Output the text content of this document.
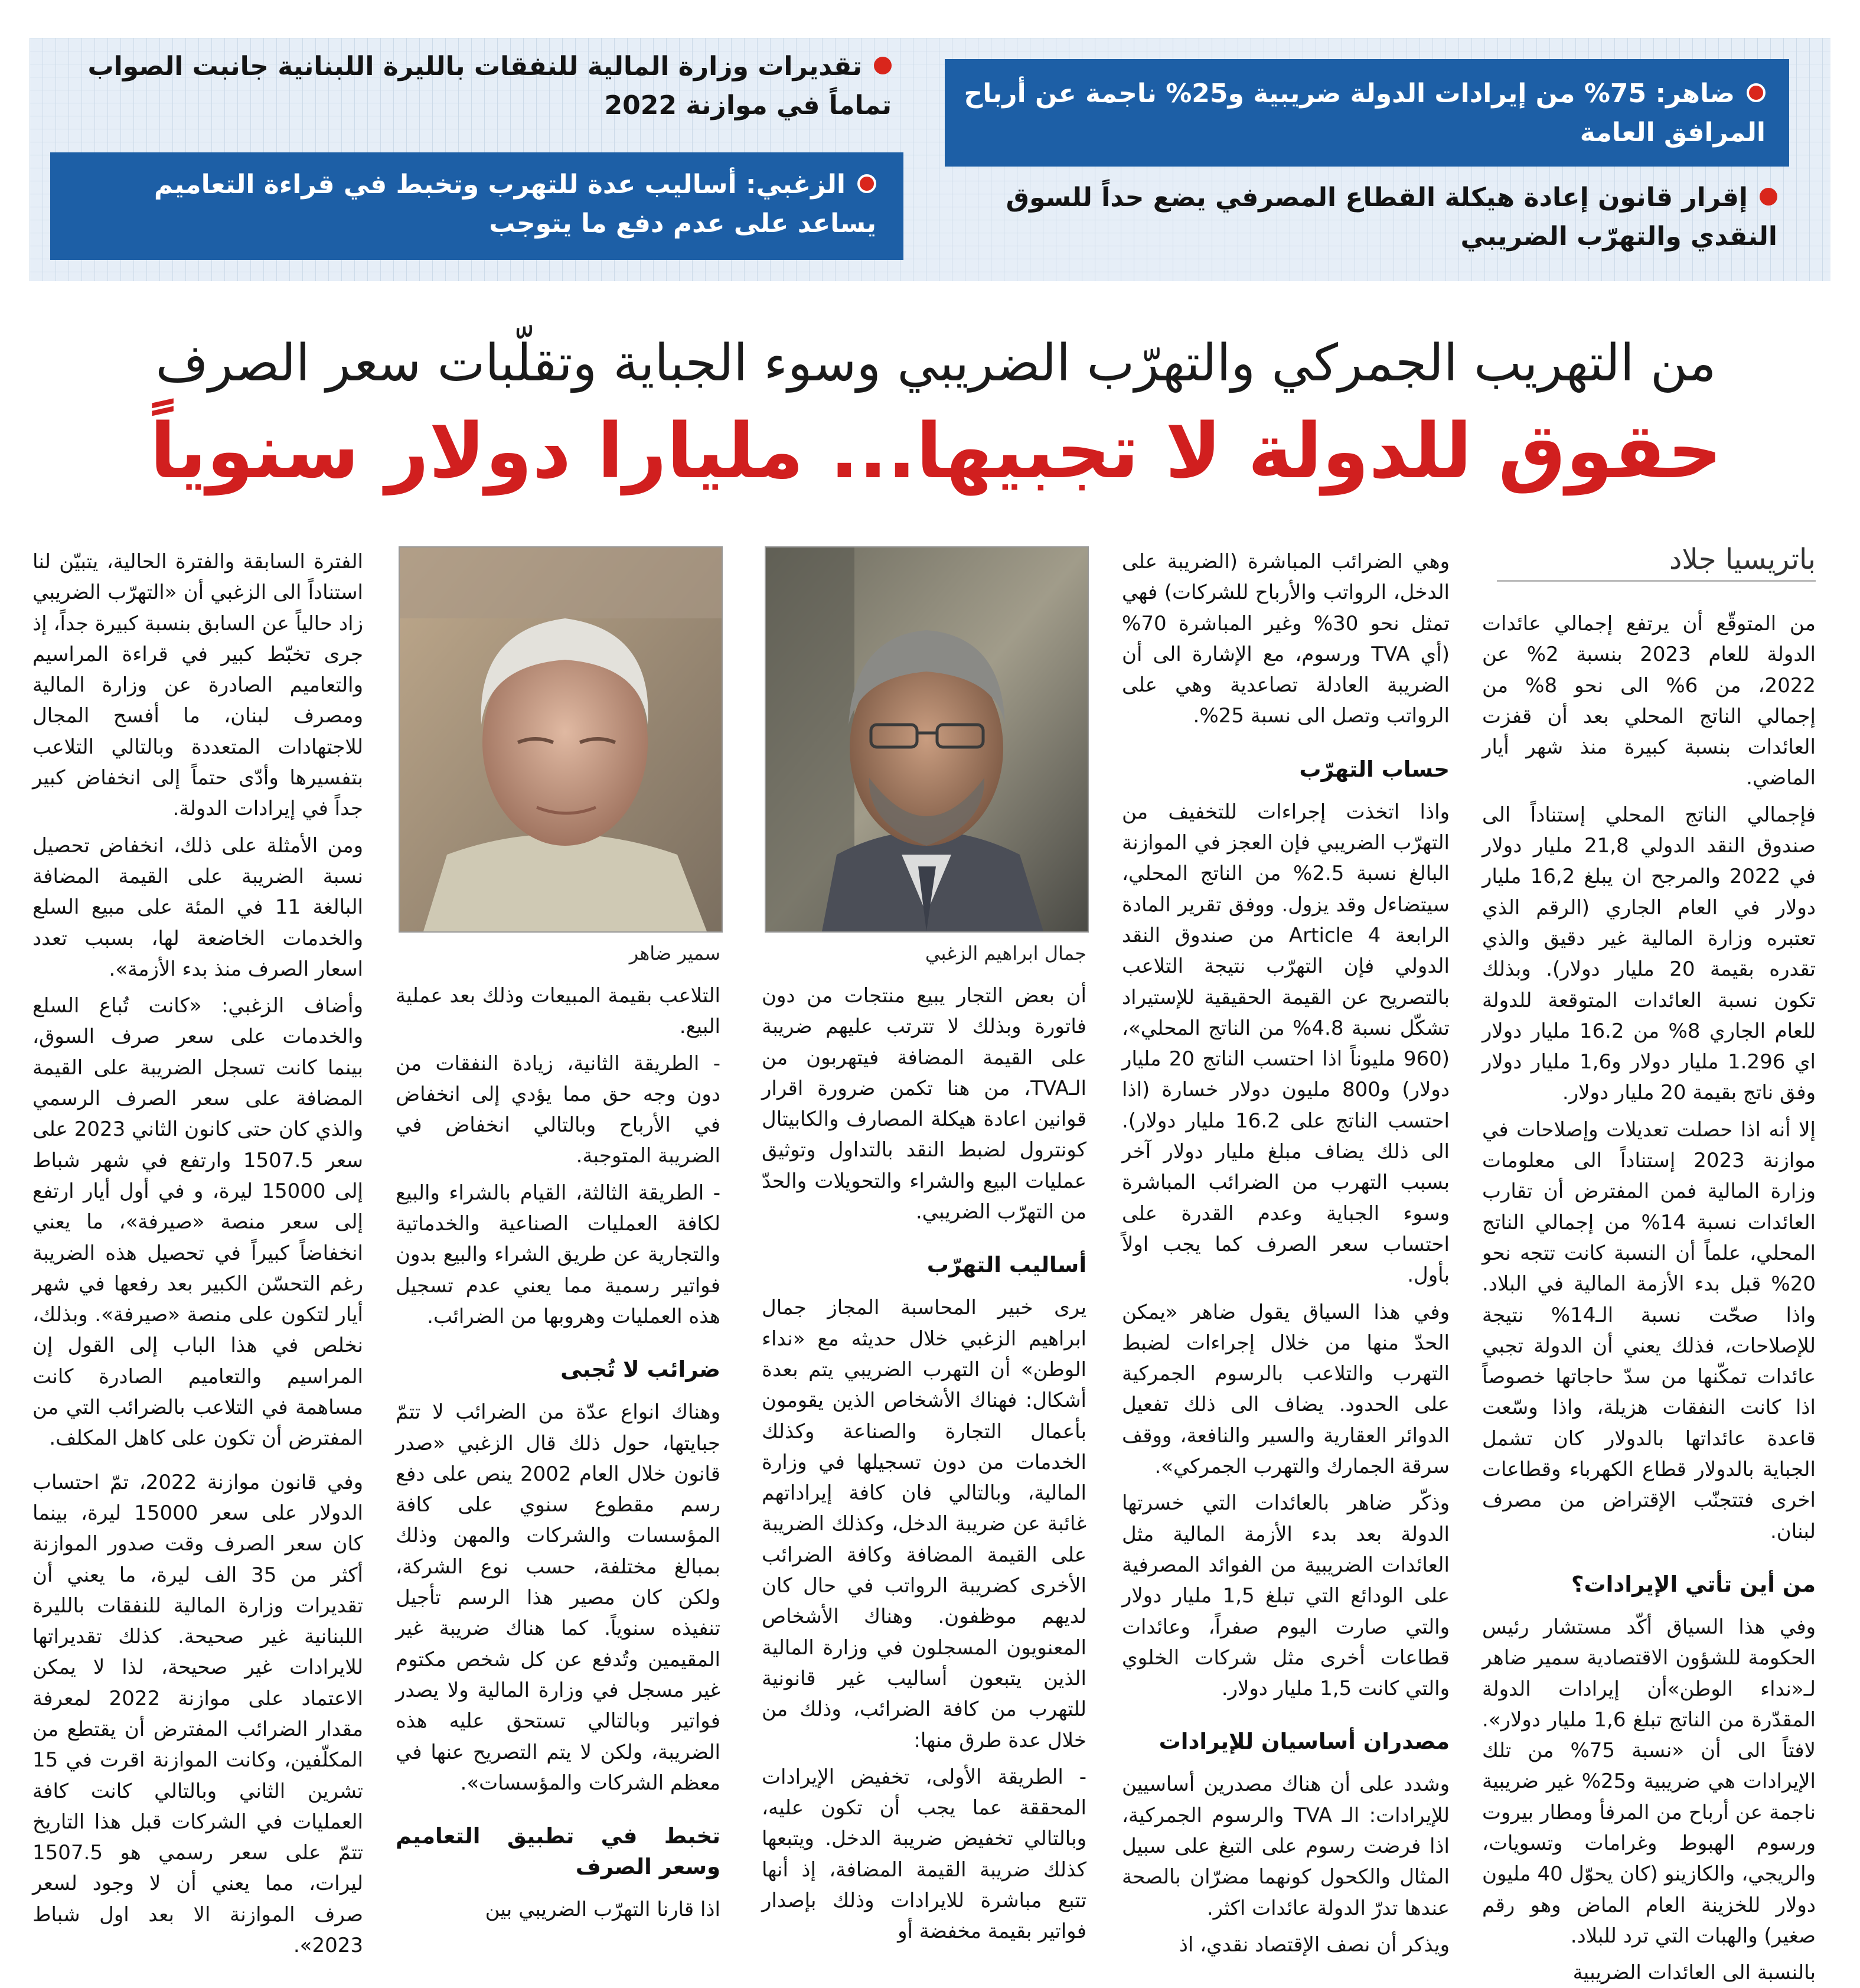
تقديرات وزارة المالية للنفقات بالليرة اللبنانية جانبت الصواب تماماً في موازنة 2022
الزغبي: أساليب عدة للتهرب وتخبط في قراءة التعاميم يساعد على عدم دفع ما يتوجب
ضاهر: 75% من إيرادات الدولة ضريبية و25% ناجمة عن أرباح المرافق العامة
إقرار قانون إعادة هيكلة القطاع المصرفي يضع حداً للسوق النقدي والتهرّب الضريبي
من التهريب الجمركي والتهرّب الضريبي وسوء الجباية وتقلّبات سعر الصرف
حقوق للدولة لا تجبيها... مليارا دولار سنوياً
باتريسيا جلاد

من المتوقّع أن يرتفع إجمالي عائدات الدولة للعام 2023 بنسبة 2% عن 2022، من 6% الى نحو 8% من إجمالي الناتج المحلي بعد أن قفزت العائدات بنسبة كبيرة منذ شهر أيار الماضي.

فإجمالي الناتج المحلي إستناداً الى صندوق النقد الدولي 21,8 مليار دولار في 2022 والمرجح ان يبلغ 16,2 مليار دولار في العام الجاري (الرقم الذي تعتبره وزارة المالية غير دقيق والذي تقدره بقيمة 20 مليار دولار). وبذلك تكون نسبة العائدات المتوقعة للدولة للعام الجاري 8% من 16.2 مليار دولار اي 1.296 مليار دولار و1,6 مليار دولار وفق ناتج بقيمة 20 مليار دولار.

إلا أنه اذا حصلت تعديلات وإصلاحات في موازنة 2023 إستناداً الى معلومات وزارة المالية فمن المفترض أن تقارب العائدات نسبة 14% من إجمالي الناتج المحلي، علماً أن النسبة كانت تتجه نحو 20% قبل بدء الأزمة المالية في البلاد. واذا صحّت نسبة الـ14% نتيجة للإصلاحات، فذلك يعني أن الدولة تجبي عائدات تمكّنها من سدّ حاجاتها خصوصاً اذا كانت النفقات هزيلة، واذا وسّعت قاعدة عائداتها بالدولار كان تشمل الجباية بالدولار قطاع الكهرباء وقطاعات اخرى فتتجنّب الإقتراض من مصرف لبنان.

من أين تأتي الإيرادات؟

وفي هذا السياق أكّد مستشار رئيس الحكومة للشؤون الاقتصادية سمير ضاهر لـ«نداء الوطن»أن إيرادات الدولة المقدّرة من الناتج تبلغ 1,6 مليار دولار». لافتاً الى أن «نسبة 75% من تلك الإيرادات هي ضريبية و25% غير ضريبية ناجمة عن أرباح من المرفأ ومطار بيروت ورسوم الهبوط وغرامات وتسويات، والريجي، والكازينو (كان يحوّل 40 مليون دولار للخزينة العام الماض وهو رقم صغير) والهبات التي ترد للبلاد.

بالنسبة الى العائدات الضريبية

وهي الضرائب المباشرة (الضريبة على الدخل، الرواتب والأرباح للشركات) فهي تمثل نحو 30% وغير المباشرة 70% (أي TVA ورسوم، مع الإشارة الى أن الضريبة العادلة تصاعدية وهي على الرواتب وتصل الى نسبة 25%.

حساب التهرّب

واذا اتخذت إجراءات للتخفيف من التهرّب الضريبي فإن العجز في الموازنة البالغ نسبة 2.5% من الناتج المحلي، سيتضاءل وقد يزول. ووفق تقرير المادة الرابعة Article 4 من صندوق النقد الدولي فإن التهرّب نتيجة التلاعب بالتصريح عن القيمة الحقيقية للإستيراد تشكّل نسبة 4.8% من الناتج المحلي»، (960 مليوناً اذا احتسب الناتج 20 مليار دولار) و800 مليون دولار خسارة (اذا احتسب الناتج على 16.2 مليار دولار). الى ذلك يضاف مبلغ مليار دولار آخر بسبب التهرب من الضرائب المباشرة وسوء الجباية وعدم القدرة على احتساب سعر الصرف كما يجب اولاً بأول.

وفي هذا السياق يقول ضاهر «يمكن الحدّ منها من خلال إجراءات لضبط التهرب والتلاعب بالرسوم الجمركية على الحدود. يضاف الى ذلك تفعيل الدوائر العقارية والسير والنافعة، ووقف سرقة الجمارك والتهرب الجمركي».

وذكّر ضاهر بالعائدات التي خسرتها الدولة بعد بدء الأزمة المالية مثل العائدات الضريبية من الفوائد المصرفية على الودائع التي تبلغ 1,5 مليار دولار والتي صارت اليوم صفراً، وعائدات قطاعات أخرى مثل شركات الخلوي والتي كانت 1,5 مليار دولار.

مصدران أساسيان للإيرادات

وشدد على أن هناك مصدرين أساسيين للإيرادات: الـ TVA والرسوم الجمركية، اذا فرضت رسوم على التبغ على سبيل المثال والكحول كونهما مضرّان بالصحة عندها تدرّ الدولة عائدات اكثر.

ويذكر أن نصف الإقتصاد نقدي، اذ

جمال ابراهيم الزغبي
سمير ضاهر

أن بعض التجار يبيع منتجات من دون فاتورة وبذلك لا تترتب عليهم ضريبة على القيمة المضافة فيتهربون من الـTVA، من هنا تكمن ضرورة اقرار قوانين اعادة هيكلة المصارف والكابيتال كونترول لضبط النقد بالتداول وتوثيق عمليات البيع والشراء والتحويلات والحدّ من التهرّب الضريبي.

أساليب التهرّب

يرى خبير المحاسبة المجاز جمال ابراهيم الزغبي خلال حديثه مع «نداء الوطن» أن التهرب الضريبي يتم بعدة أشكال: فهناك الأشخاص الذين يقومون بأعمال التجارة والصناعة وكذلك الخدمات من دون تسجيلها في وزارة المالية، وبالتالي فان كافة إيراداتهم غائبة عن ضريبة الدخل، وكذلك الضريبة على القيمة المضافة وكافة الضرائب الأخرى كضريبة الرواتب في حال كان لديهم موظفون. وهناك الأشخاص المعنويون المسجلون في وزارة المالية الذين يتبعون أساليب غير قانونية للتهرب من كافة الضرائب، وذلك من خلال عدة طرق منها:

- الطريقة الأولى، تخفيض الإيرادات المحققة عما يجب أن تكون عليه، وبالتالي تخفيض ضريبة الدخل. ويتبعها كذلك ضريبة القيمة المضافة، إذ أنها تتبع مباشرة للايرادات وذلك بإصدار فواتير بقيمة مخفضة أو

التلاعب بقيمة المبيعات وذلك بعد عملية البيع.

- الطريقة الثانية، زيادة النفقات من دون وجه حق مما يؤدي إلى انخفاض في الأرباح وبالتالي انخفاض في الضريبة المتوجبة.

- الطريقة الثالثة، القيام بالشراء والبيع لكافة العمليات الصناعية والخدماتية والتجارية عن طريق الشراء والبيع بدون فواتير رسمية مما يعني عدم تسجيل هذه العمليات وهروبها من الضرائب.

ضرائب لا تُجبى

وهناك انواع عدّة من الضرائب لا تتمّ جبايتها، حول ذلك قال الزغبي «صدر قانون خلال العام 2002 ينص على دفع رسم مقطوع سنوي على كافة المؤسسات والشركات والمهن وذلك بمبالغ مختلفة، حسب نوع الشركة، ولكن كان مصير هذا الرسم تأجيل تنفيذه سنوياً. كما هناك ضريبة غير المقيمين وتُدفع عن كل شخص مكتوم غير مسجل في وزارة المالية ولا يصدر فواتير وبالتالي تستحق عليه هذه الضريبة، ولكن لا يتم التصريح عنها في معظم الشركات والمؤسسات».

تخبط في تطبيق التعاميم وسعر الصرف

اذا قارنا التهرّب الضريبي بين

الفترة السابقة والفترة الحالية، يتبيّن لنا استناداً الى الزغبي أن «التهرّب الضريبي زاد حالياً عن السابق بنسبة كبيرة جداً، إذ جرى تخبّط كبير في قراءة المراسيم والتعاميم الصادرة عن وزارة المالية ومصرف لبنان، ما أفسح المجال للاجتهادات المتعددة وبالتالي التلاعب بتفسيرها وأدّى حتماً إلى انخفاض كبير جداً في إيرادات الدولة.

ومن الأمثلة على ذلك، انخفاض تحصيل نسبة الضريبة على القيمة المضافة البالغة 11 في المئة على مبيع السلع والخدمات الخاضعة لها، بسبب تعدد اسعار الصرف منذ بدء الأزمة».

وأضاف الزغبي: «كانت تُباع السلع والخدمات على سعر صرف السوق، بينما كانت تسجل الضريبة على القيمة المضافة على سعر الصرف الرسمي والذي كان حتى كانون الثاني 2023 على سعر 1507.5 وارتفع في شهر شباط إلى 15000 ليرة، و في أول أيار ارتفع إلى سعر منصة «صيرفة»، ما يعني انخفاضاً كبيراً في تحصيل هذه الضريبة رغم التحسّن الكبير بعد رفعها في شهر أيار لتكون على منصة «صيرفة». وبذلك، نخلص في هذا الباب إلى القول إن المراسيم والتعاميم الصادرة كانت مساهمة في التلاعب بالضرائب التي من المفترض أن تكون على كاهل المكلف.

وفي قانون موازنة 2022، تمّ احتساب الدولار على سعر 15000 ليرة، بينما كان سعر الصرف وقت صدور الموازنة أكثر من 35 الف ليرة، ما يعني أن تقديرات وزارة المالية للنفقات بالليرة اللبنانية غير صحيحة. كذلك تقديراتها للايرادات غير صحيحة، لذا لا يمكن الاعتماد على موازنة 2022 لمعرفة مقدار الضرائب المفترض أن يقتطع من المكلّفين، وكانت الموازنة اقرت في 15 تشرين الثاني وبالتالي كانت كافة العمليات في الشركات قبل هذا التاريخ تتمّ على سعر رسمي هو 1507.5 ليرات، مما يعني أن لا وجود لسعر صرف الموازنة الا بعد اول شباط 2023».
